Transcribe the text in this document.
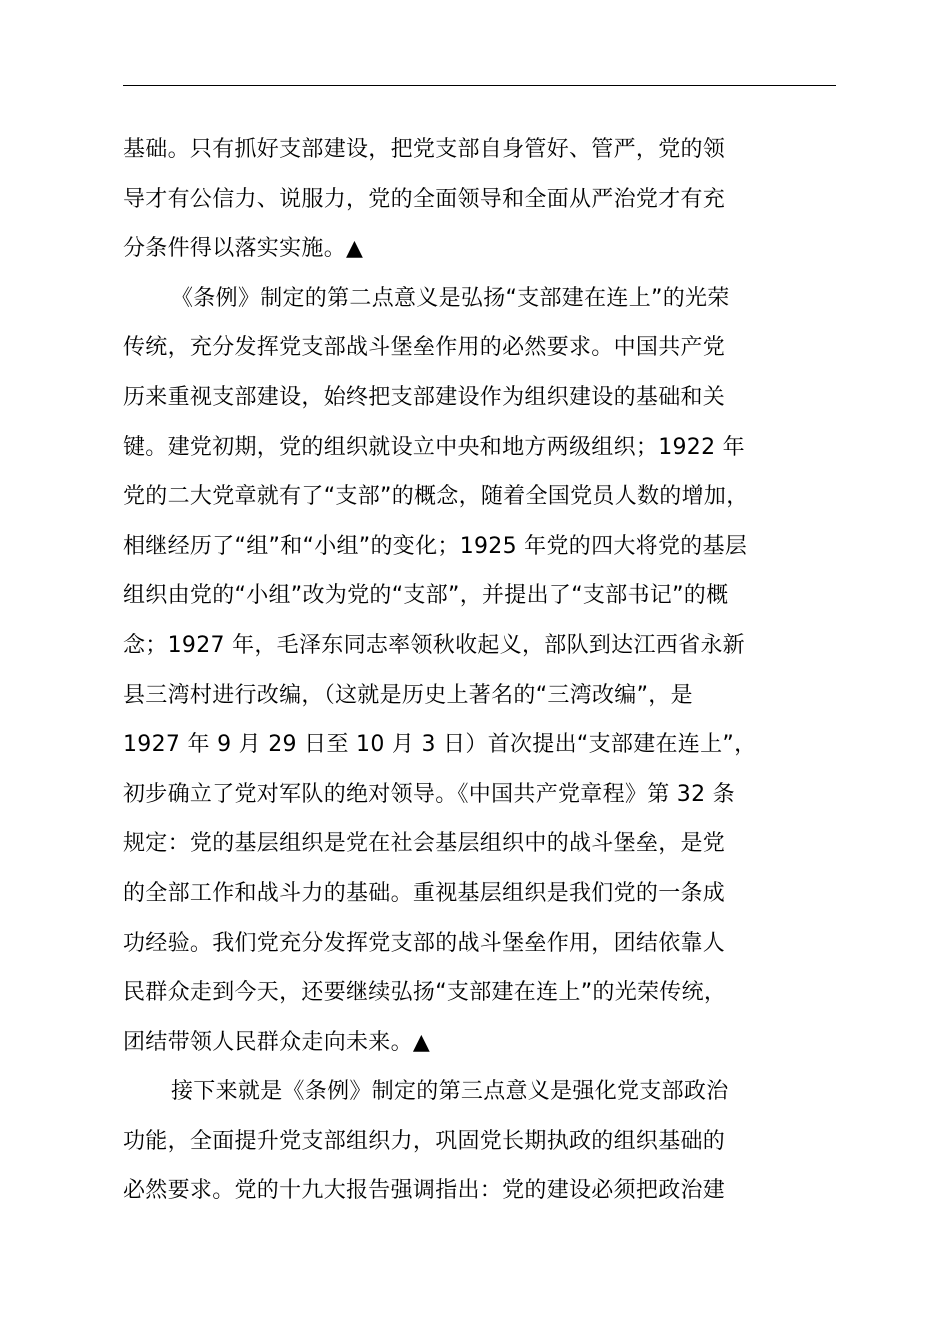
基础。只有抓好支部建设，把党支部自身管好、管严，党的领
导才有公信力、说服力，党的全面领导和全面从严治党才有充
分条件得以落实实施。▲
《条例》制定的第二点意义是弘扬“支部建在连上”的光荣
传统，充分发挥党支部战斗堡垒作用的必然要求。中国共产党
历来重视支部建设，始终把支部建设作为组织建设的基础和关
键。建党初期，党的组织就设立中央和地方两级组织；1922 年
党的二大党章就有了“支部”的概念，随着全国党员人数的增加，
相继经历了“组”和“小组”的变化；1925 年党的四大将党的基层
组织由党的“小组”改为党的“支部”，并提出了“支部书记”的概
念；1927 年，毛泽东同志率领秋收起义，部队到达江西省永新
县三湾村进行改编，（这就是历史上著名的“三湾改编”，是
1927 年 9 月 29 日至 10 月 3 日）首次提出“支部建在连上”，
初步确立了党对军队的绝对领导。《中国共产党章程》第 32 条
规定：党的基层组织是党在社会基层组织中的战斗堡垒，是党
的全部工作和战斗力的基础。重视基层组织是我们党的一条成
功经验。我们党充分发挥党支部的战斗堡垒作用，团结依靠人
民群众走到今天，还要继续弘扬“支部建在连上”的光荣传统，
团结带领人民群众走向未来。▲
接下来就是《条例》制定的第三点意义是强化党支部政治
功能，全面提升党支部组织力，巩固党长期执政的组织基础的
必然要求。党的十九大报告强调指出：党的建设必须把政治建
